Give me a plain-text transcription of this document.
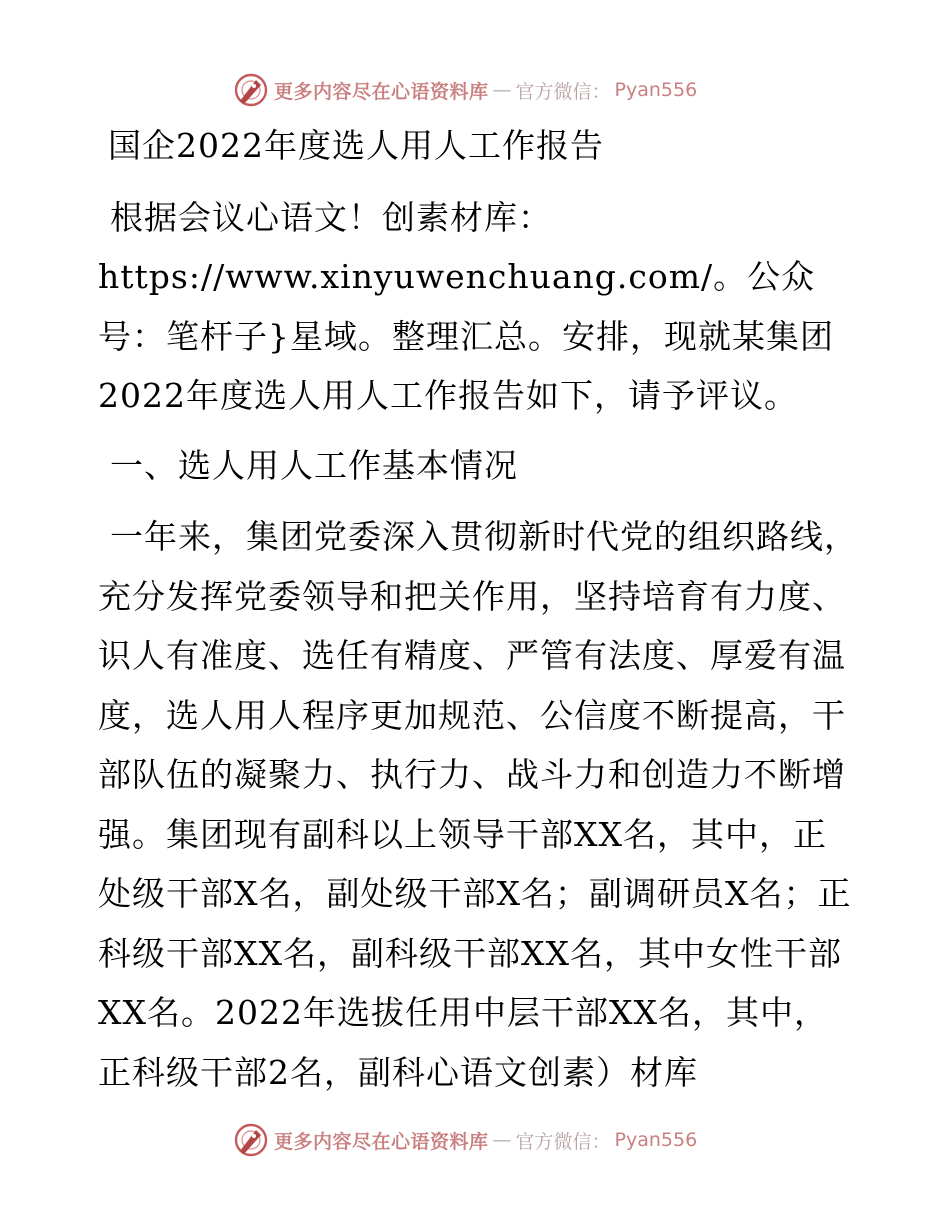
更多内容尽在心语资料库 — 官方微信： Pyan556

国企2022年度选人用人工作报告

根据会议心语文！创素材库：https://www.xinyuwenchuang.com/。公众号：笔杆子}星域。整理汇总。安排，现就某集团2022年度选人用人工作报告如下，请予评议。

一、选人用人工作基本情况

一年来，集团党委深入贯彻新时代党的组织路线，充分发挥党委领导和把关作用，坚持培育有力度、识人有准度、选任有精度、严管有法度、厚爱有温度，选人用人程序更加规范、公信度不断提高，干部队伍的凝聚力、执行力、战斗力和创造力不断增强。集团现有副科以上领导干部XX名，其中，正处级干部X名，副处级干部X名；副调研员X名；正科级干部XX名，副科级干部XX名，其中女性干部XX名。2022年选拔任用中层干部XX名，其中，正科级干部2名，副科心语文创素）材库

更多内容尽在心语资料库 — 官方微信： Pyan556
